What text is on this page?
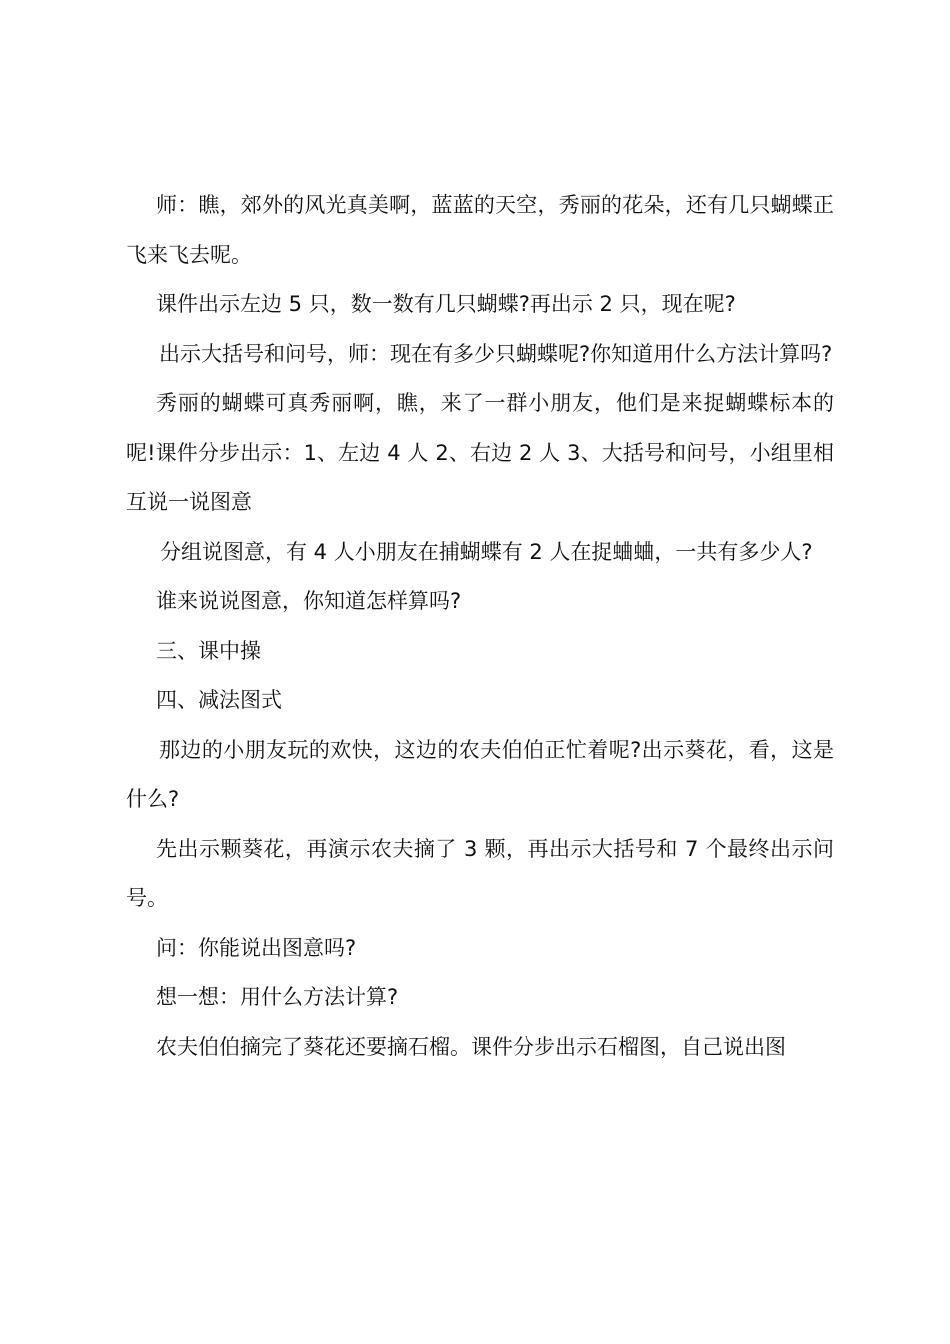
师：瞧，郊外的风光真美啊，蓝蓝的天空，秀丽的花朵，还有几只蝴蝶正飞来飞去呢。

课件出示左边 5 只，数一数有几只蝴蝶?再出示 2 只，现在呢?

出示大括号和问号，师：现在有多少只蝴蝶呢?你知道用什么方法计算吗?

秀丽的蝴蝶可真秀丽啊，瞧，来了一群小朋友，他们是来捉蝴蝶标本的呢!课件分步出示：1、左边 4 人 2、右边 2 人 3、大括号和问号，小组里相互说一说图意

分组说图意，有 4 人小朋友在捕蝴蝶有 2 人在捉蛐蛐，一共有多少人?

谁来说说图意，你知道怎样算吗?

三、课中操

四、减法图式

那边的小朋友玩的欢快，这边的农夫伯伯正忙着呢?出示葵花，看，这是什么?

先出示颗葵花，再演示农夫摘了 3 颗，再出示大括号和 7 个最终出示问号。

问：你能说出图意吗?

想一想：用什么方法计算?

农夫伯伯摘完了葵花还要摘石榴。课件分步出示石榴图，自己说出图
